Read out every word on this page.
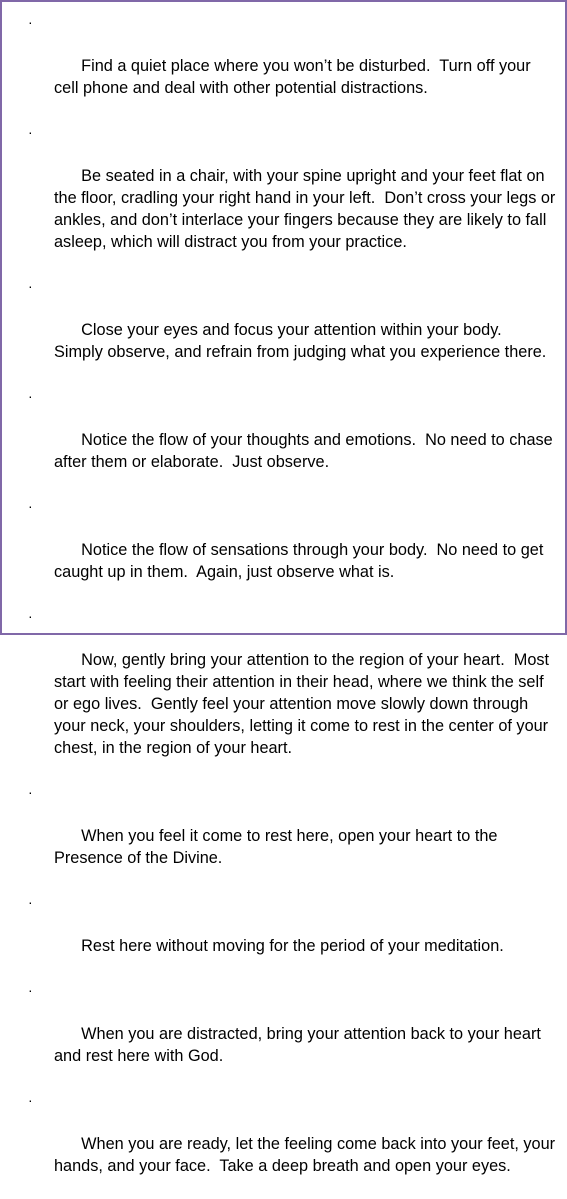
·

Find a quiet place where you won’t be disturbed.  Turn off your cell phone and deal with other potential distractions.

·

Be seated in a chair, with your spine upright and your feet flat on the floor, cradling your right hand in your left.  Don’t cross your legs or ankles, and don’t interlace your fingers because they are likely to fall asleep, which will distract you from your practice.

·

Close your eyes and focus your attention within your body.  Simply observe, and refrain from judging what you experience there.

·

Notice the flow of your thoughts and emotions.  No need to chase after them or elaborate.  Just observe.

·

Notice the flow of sensations through your body.  No need to get caught up in them.  Again, just observe what is.

·

Now, gently bring your attention to the region of your heart.  Most start with feeling their attention in their head, where we think the self or ego lives.  Gently feel your attention move slowly down through your neck, your shoulders, letting it come to rest in the center of your chest, in the region of your heart.

·

When you feel it come to rest here, open your heart to the Presence of the Divine.

·

Rest here without moving for the period of your meditation.

·

When you are distracted, bring your attention back to your heart and rest here with God.

·

When you are ready, let the feeling come back into your feet, your hands, and your face.  Take a deep breath and open your eyes.
